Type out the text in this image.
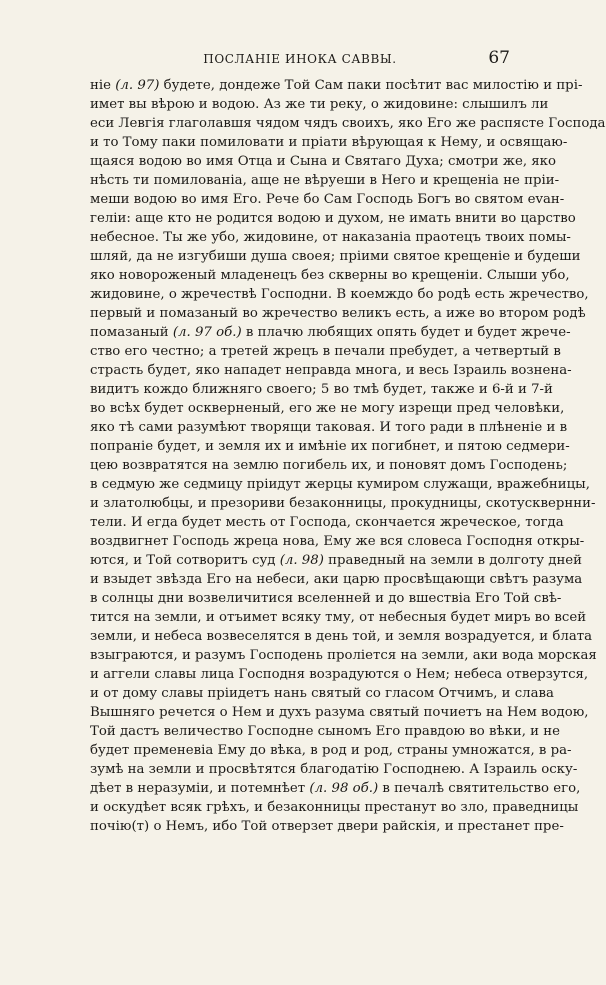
ПОСЛАНІЕ ИНОКА САВВЫ.	67
ніе (л. 97) будете, дондеже Той Сам паки посѣтит вас милостію и прі-
имет вы вѣрою и водою. Аз же ти реку, о жидовине: слышилъ ли
еси Левгія глаголавшя чядом чядъ своихъ, яко Его же распясте Господа
и то Тому паки помиловати и пріати вѣрующая к Нему, и освящаю-
щаяся водою во имя Отца и Сына и Святаго Духа; смотри же, яко
нѣсть ти помилованіа, аще не вѣруеши в Него и крещеніа не пріи-
меши водою во имя Его. Рече бо Сам Господь Богъ во святом еvан-
геліи: аще кто не родится водою и духом, не имать внити во царство
небесное. Ты же убо, жидовине, от наказаніа праотецъ твоих помы-
шляй, да не изгубиши душа своея; пріими святое крещеніе и будеши
яко новороженый младенецъ без скверны во крещеніи. Слыши убо,
жидовине, о жречествѣ Господни. В коемждо бо родѣ есть жречество,
первый и помазаный во жречество великъ есть, а иже во втором родѣ
помазаный (л. 97 об.) в плачю любящих опять будет и будет жрече-
ство его честно; а третей жрецъ в печали пребудет, а четвертый в
страсть будет, яко нападет неправда многа, и весь Ізраиль вознена-
видитъ кождо ближняго своего; 5 во тмѣ будет, также и 6-й и 7-й
во всѣх будет оскверненый, его же не могу изрещи пред человѣки,
яко тѣ сами разумѣют творящи таковая. И того ради в плѣненіе и в
попраніе будет, и земля их и имѣніе их погибнет, и пятою седмери-
цею возвратятся на землю погибель их, и поновят домъ Господень;
в седмую же седмицу пріидут жерцы кумиром служащи, вражебницы,
и златолюбцы, и презориви безаконницы, прокудницы, скотусквернни-
тели. И егда будет месть от Господа, скончается жреческое, тогда
воздвигнет Господь жреца нова, Ему же вся словеса Господня откры-
ются, и Той сотворитъ суд (л. 98) праведный на земли в долготу дней
и взыдет звѣзда Его на небеси, аки царю просвѣщающи свѣтъ разума
в солнцы дни возвеличитися вселенней и до вшествіа Его Той свѣ-
тится на земли, и отъимет всяку тму, от небесныя будет миръ во всей
земли, и небеса возвеселятся в день той, и земля возрадуется, и блата
взыграются, и разумъ Господень проліется на земли, аки вода морская
и аггели славы лица Господня возрадуются о Нем; небеса отверзутся,
и от дому славы пріидетъ нань святый со гласом Отчимъ, и слава
Вышняго речется о Нем и духъ разума святый почиетъ на Нем водою,
Той дастъ величество Господне сыномъ Его правдою во вѣки, и не
будет пременевіа Ему до вѣка, в род и род, страны умножатся, в ра-
зумѣ на земли и просвѣтятся благодатію Господнею. А Ізраиль оску-
дѣет в неразуміи, и потемнѣет (л. 98 об.) в печалѣ святительство его,
и оскудѣет всяк грѣхъ, и безаконницы престанут во зло, праведницы
почію(т) о Немъ, ибо Той отверзет двери райскія, и престанет пре-
